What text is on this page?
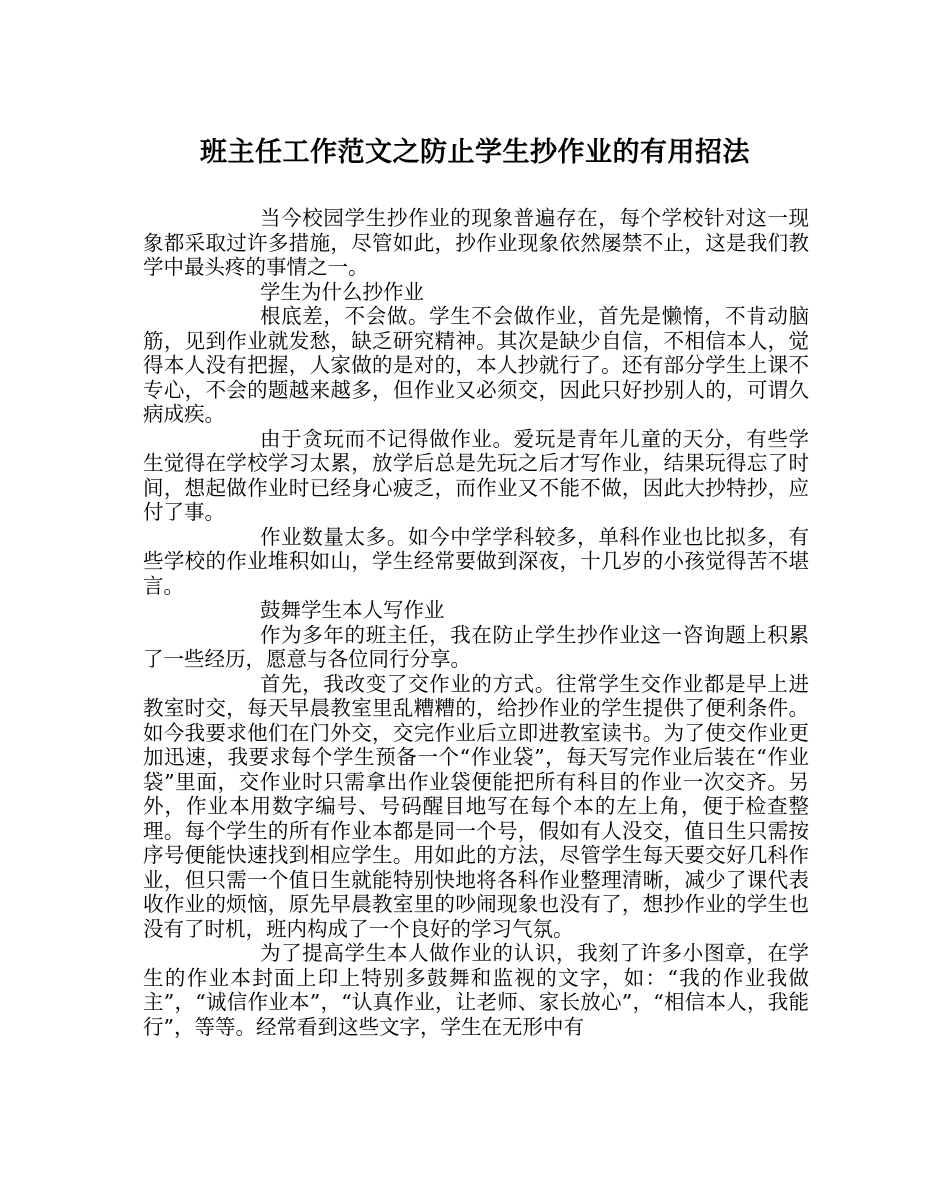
班主任工作范文之防止学生抄作业的有用招法

当今校园学生抄作业的现象普遍存在，每个学校针对这一现象都采取过许多措施，尽管如此，抄作业现象依然屡禁不止，这是我们教学中最头疼的事情之一。

学生为什么抄作业

根底差，不会做。学生不会做作业，首先是懒惰，不肯动脑筋，见到作业就发愁，缺乏研究精神。其次是缺少自信，不相信本人，觉得本人没有把握，人家做的是对的，本人抄就行了。还有部分学生上课不专心，不会的题越来越多，但作业又必须交，因此只好抄别人的，可谓久病成疾。

由于贪玩而不记得做作业。爱玩是青年儿童的天分，有些学生觉得在学校学习太累，放学后总是先玩之后才写作业，结果玩得忘了时间，想起做作业时已经身心疲乏，而作业又不能不做，因此大抄特抄，应付了事。

作业数量太多。如今中学学科较多，单科作业也比拟多，有些学校的作业堆积如山，学生经常要做到深夜，十几岁的小孩觉得苦不堪言。

鼓舞学生本人写作业

作为多年的班主任，我在防止学生抄作业这一咨询题上积累了一些经历，愿意与各位同行分享。

首先，我改变了交作业的方式。往常学生交作业都是早上进教室时交，每天早晨教室里乱糟糟的，给抄作业的学生提供了便利条件。如今我要求他们在门外交，交完作业后立即进教室读书。为了使交作业更加迅速，我要求每个学生预备一个“作业袋”，每天写完作业后装在“作业袋”里面，交作业时只需拿出作业袋便能把所有科目的作业一次交齐。另外，作业本用数字编号、号码醒目地写在每个本的左上角，便于检查整理。每个学生的所有作业本都是同一个号，假如有人没交，值日生只需按序号便能快速找到相应学生。用如此的方法，尽管学生每天要交好几科作业，但只需一个值日生就能特别快地将各科作业整理清晰，减少了课代表收作业的烦恼，原先早晨教室里的吵闹现象也没有了，想抄作业的学生也没有了时机，班内构成了一个良好的学习气氛。

为了提高学生本人做作业的认识，我刻了许多小图章，在学生的作业本封面上印上特别多鼓舞和监视的文字，如：“我的作业我做主”，“诚信作业本”，“认真作业，让老师、家长放心”，“相信本人，我能行”，等等。经常看到这些文字，学生在无形中有
